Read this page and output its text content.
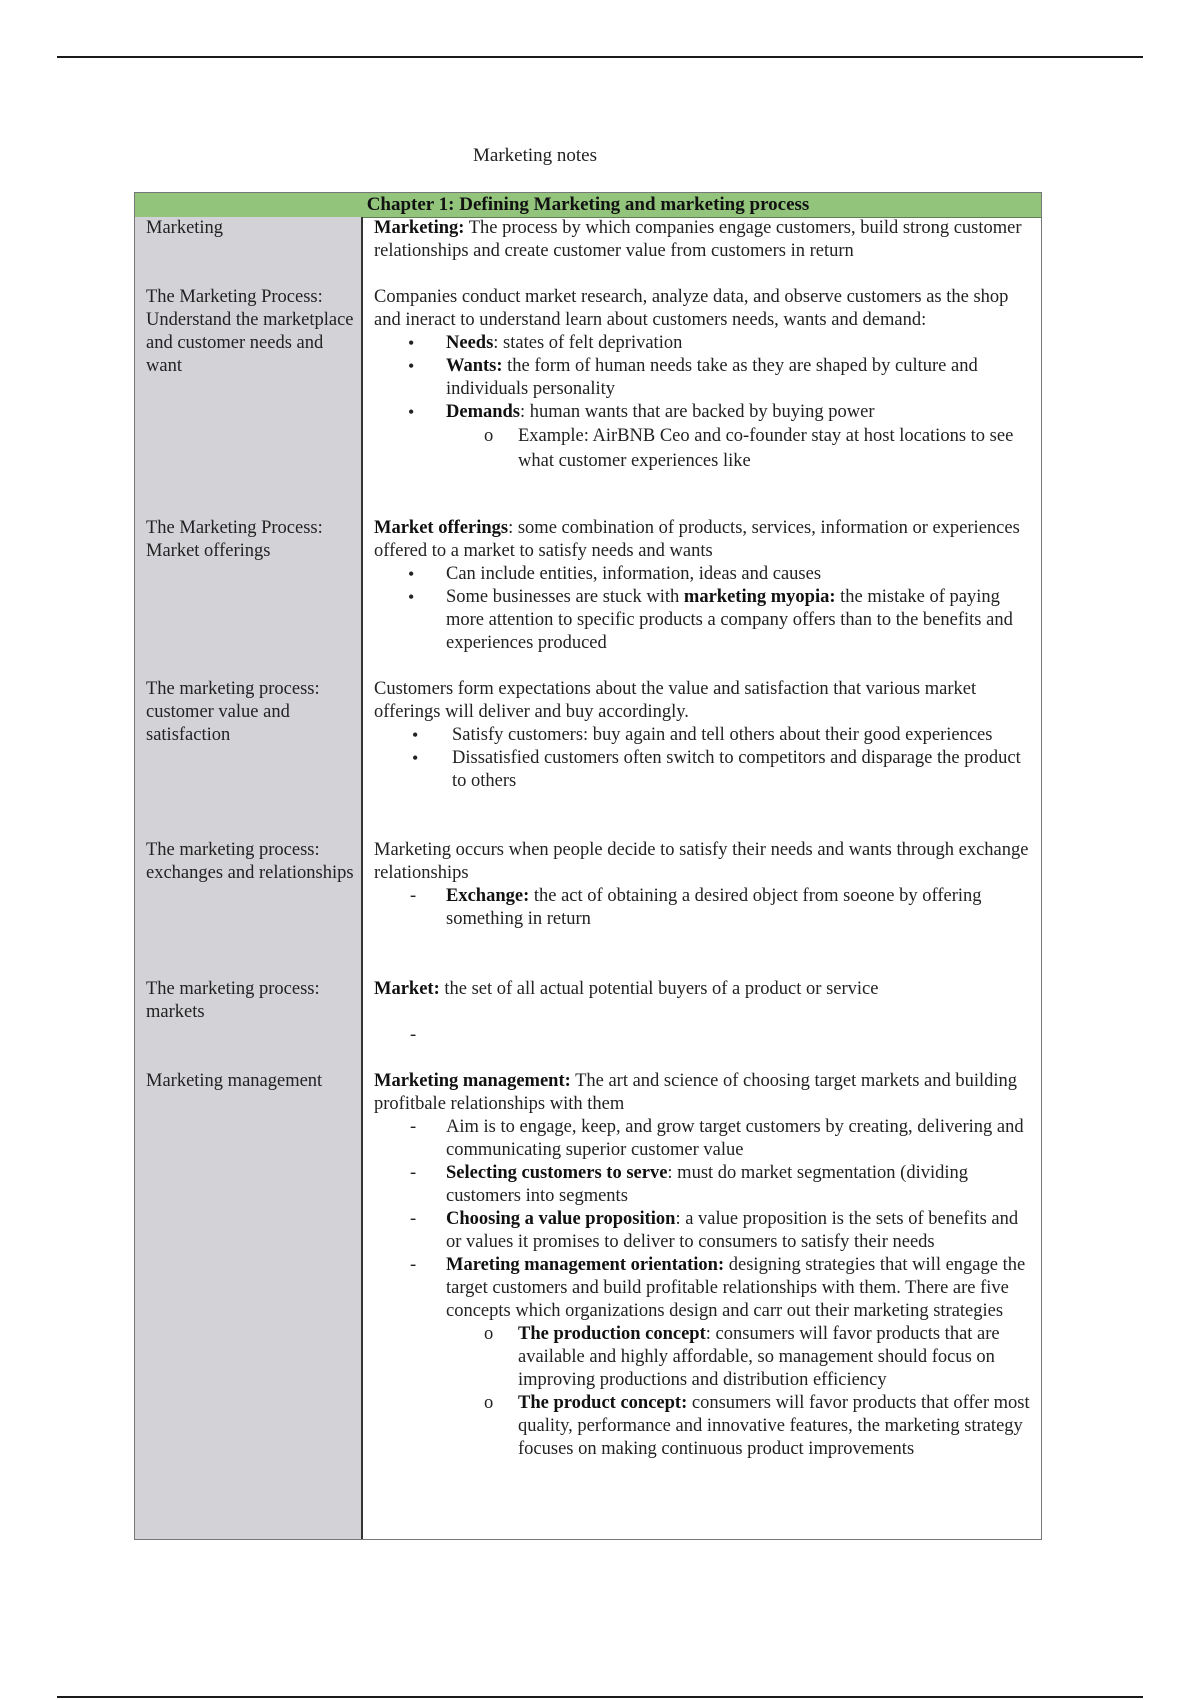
Marketing notes
Chapter 1: Defining Marketing and marketing process
Marketing	Marketing: The process by which companies engage customers, build strong customer relationships and create customer value from customers in return

The Marketing Process: Understand the marketplace and customer needs and want

Companies conduct market research, analyze data, and observe customers as the shop and ineract to understand learn about customers needs, wants and demand:

• Needs: states of felt deprivation
• Wants: the form of human needs take as they are shaped by culture and individuals personality
• Demands: human wants that are backed by buying power
o Example: AirBNB Ceo and co-founder stay at host locations to see what customer experiences like
The Marketing Process: Market offerings

Market offerings: some combination of products, services, information or experiences offered to a market to satisfy needs and wants

• Can include entities, information, ideas and causes
• Some businesses are stuck with marketing myopia: the mistake of paying more attention to specific products a company offers than to the benefits and experiences produced
The marketing process: customer value and satisfaction

Customers form expectations about the value and satisfaction that various market offerings will deliver and buy accordingly.

• Satisfy customers: buy again and tell others about their good experiences
• Dissatisfied customers often switch to competitors and disparage the product to others
The marketing process: exchanges and relationships

Marketing occurs when people decide to satisfy their needs and wants through exchange relationships

- Exchange: the act of obtaining a desired object from soeone by offering something in return
The marketing process: markets

Market: the set of all actual potential buyers of a product or service

-

Marketing management	Marketing management: The art and science of choosing target markets and building profitbale relationships with them

- Aim is to engage, keep, and grow target customers by creating, delivering and communicating superior customer value
- Selecting customers to serve: must do market segmentation (dividing customers into segments
- Choosing a value proposition: a value proposition is the sets of benefits and or values it promises to deliver to consumers to satisfy their needs
- Mareting management orientation: designing strategies that will engage the target customers and build profitable relationships with them. There are five concepts which organizations design and carr out their marketing strategies
o The production concept: consumers will favor products that are available and highly affordable, so management should focus on improving productions and distribution efficiency
o The product concept: consumers will favor products that offer most quality, performance and innovative features, the marketing strategy focuses on making continuous product improvements
